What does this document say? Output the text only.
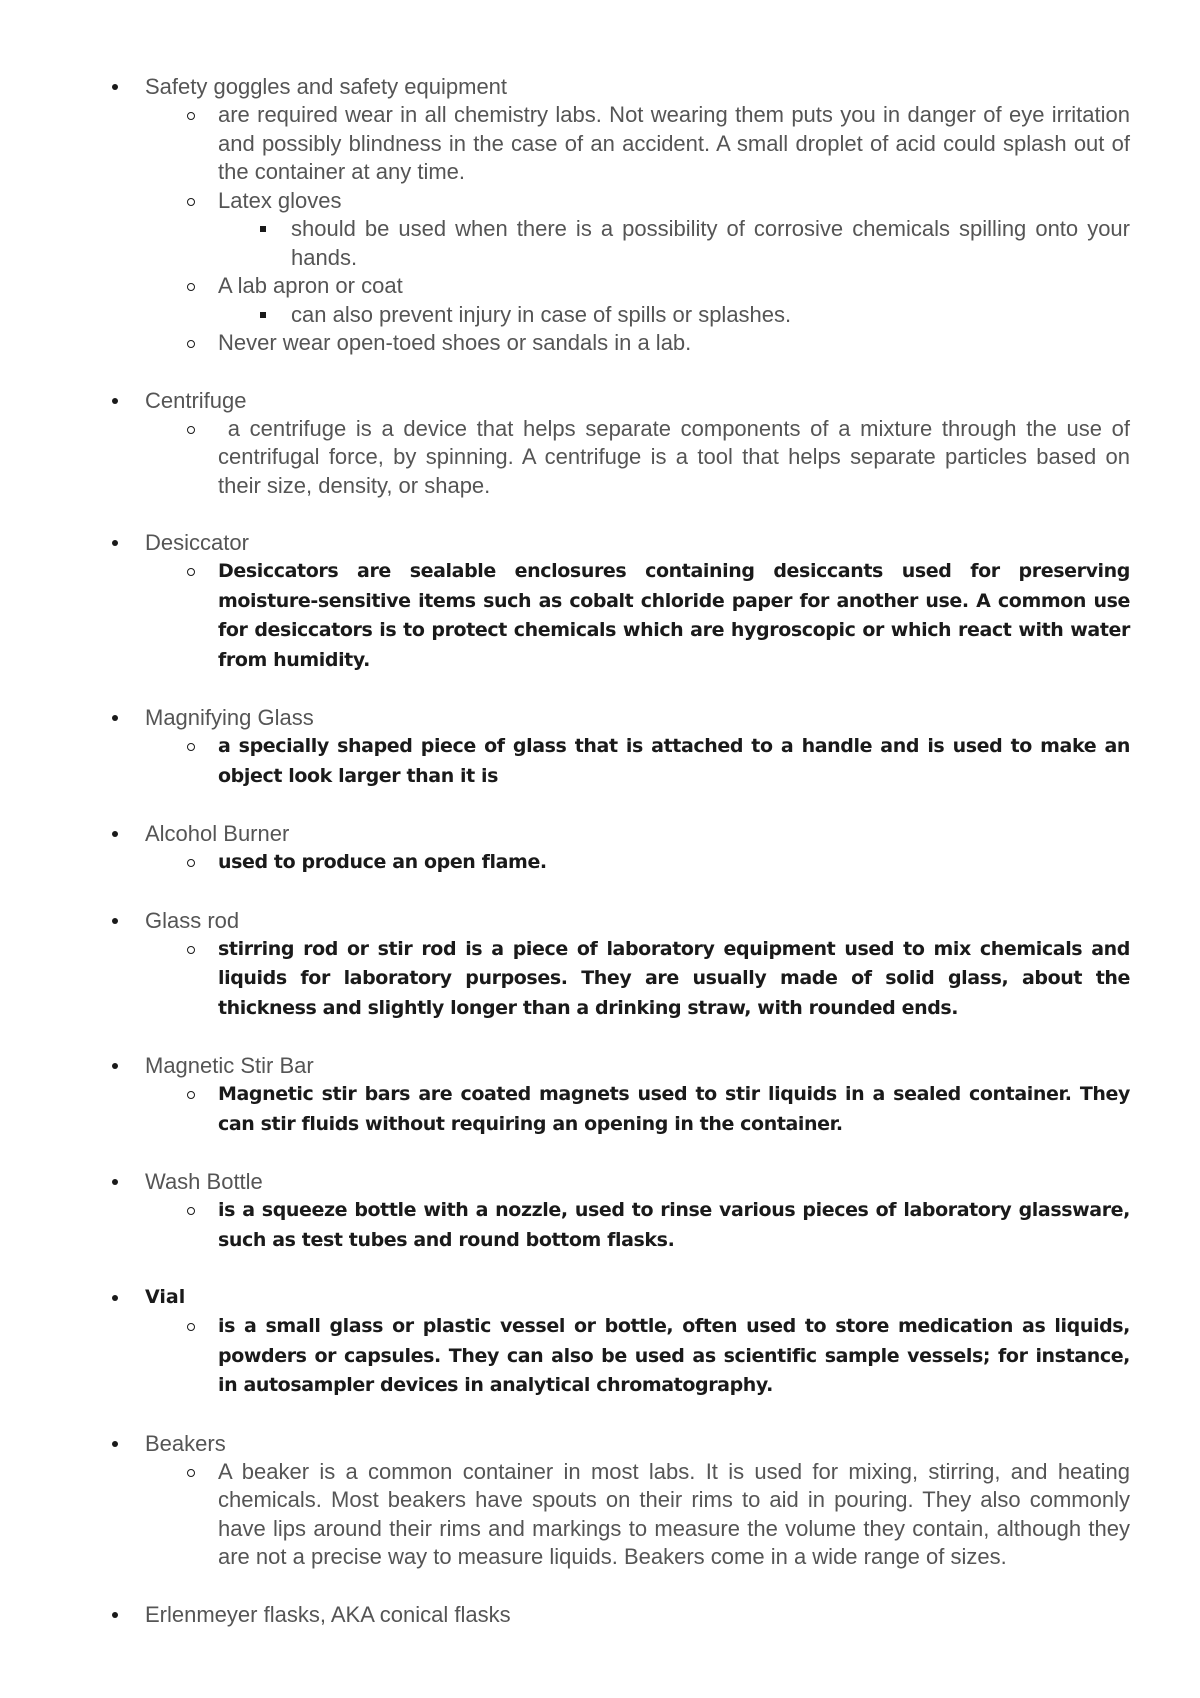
Safety goggles and safety equipment
are required wear in all chemistry labs. Not wearing them puts you in danger of eye irritation and possibly blindness in the case of an accident. A small droplet of acid could splash out of the container at any time.
Latex gloves
should be used when there is a possibility of corrosive chemicals spilling onto your hands.
A lab apron or coat
can also prevent injury in case of spills or splashes.
Never wear open-toed shoes or sandals in a lab.
Centrifuge
a centrifuge is a device that helps separate components of a mixture through the use of centrifugal force, by spinning. A centrifuge is a tool that helps separate particles based on their size, density, or shape.
Desiccator
Desiccators are sealable enclosures containing desiccants used for preserving moisture-sensitive items such as cobalt chloride paper for another use. A common use for desiccators is to protect chemicals which are hygroscopic or which react with water from humidity.
Magnifying Glass
a specially shaped piece of glass that is attached to a handle and is used to make an object look larger than it is
Alcohol Burner
used to produce an open flame.
Glass rod
stirring rod or stir rod is a piece of laboratory equipment used to mix chemicals and liquids for laboratory purposes. They are usually made of solid glass, about the thickness and slightly longer than a drinking straw, with rounded ends.
Magnetic Stir Bar
Magnetic stir bars are coated magnets used to stir liquids in a sealed container. They can stir fluids without requiring an opening in the container.
Wash Bottle
is a squeeze bottle with a nozzle, used to rinse various pieces of laboratory glassware, such as test tubes and round bottom flasks.
Vial
is a small glass or plastic vessel or bottle, often used to store medication as liquids, powders or capsules. They can also be used as scientific sample vessels; for instance, in autosampler devices in analytical chromatography.
Beakers
A beaker is a common container in most labs. It is used for mixing, stirring, and heating chemicals. Most beakers have spouts on their rims to aid in pouring. They also commonly have lips around their rims and markings to measure the volume they contain, although they are not a precise way to measure liquids. Beakers come in a wide range of sizes.
Erlenmeyer flasks, AKA conical flasks
